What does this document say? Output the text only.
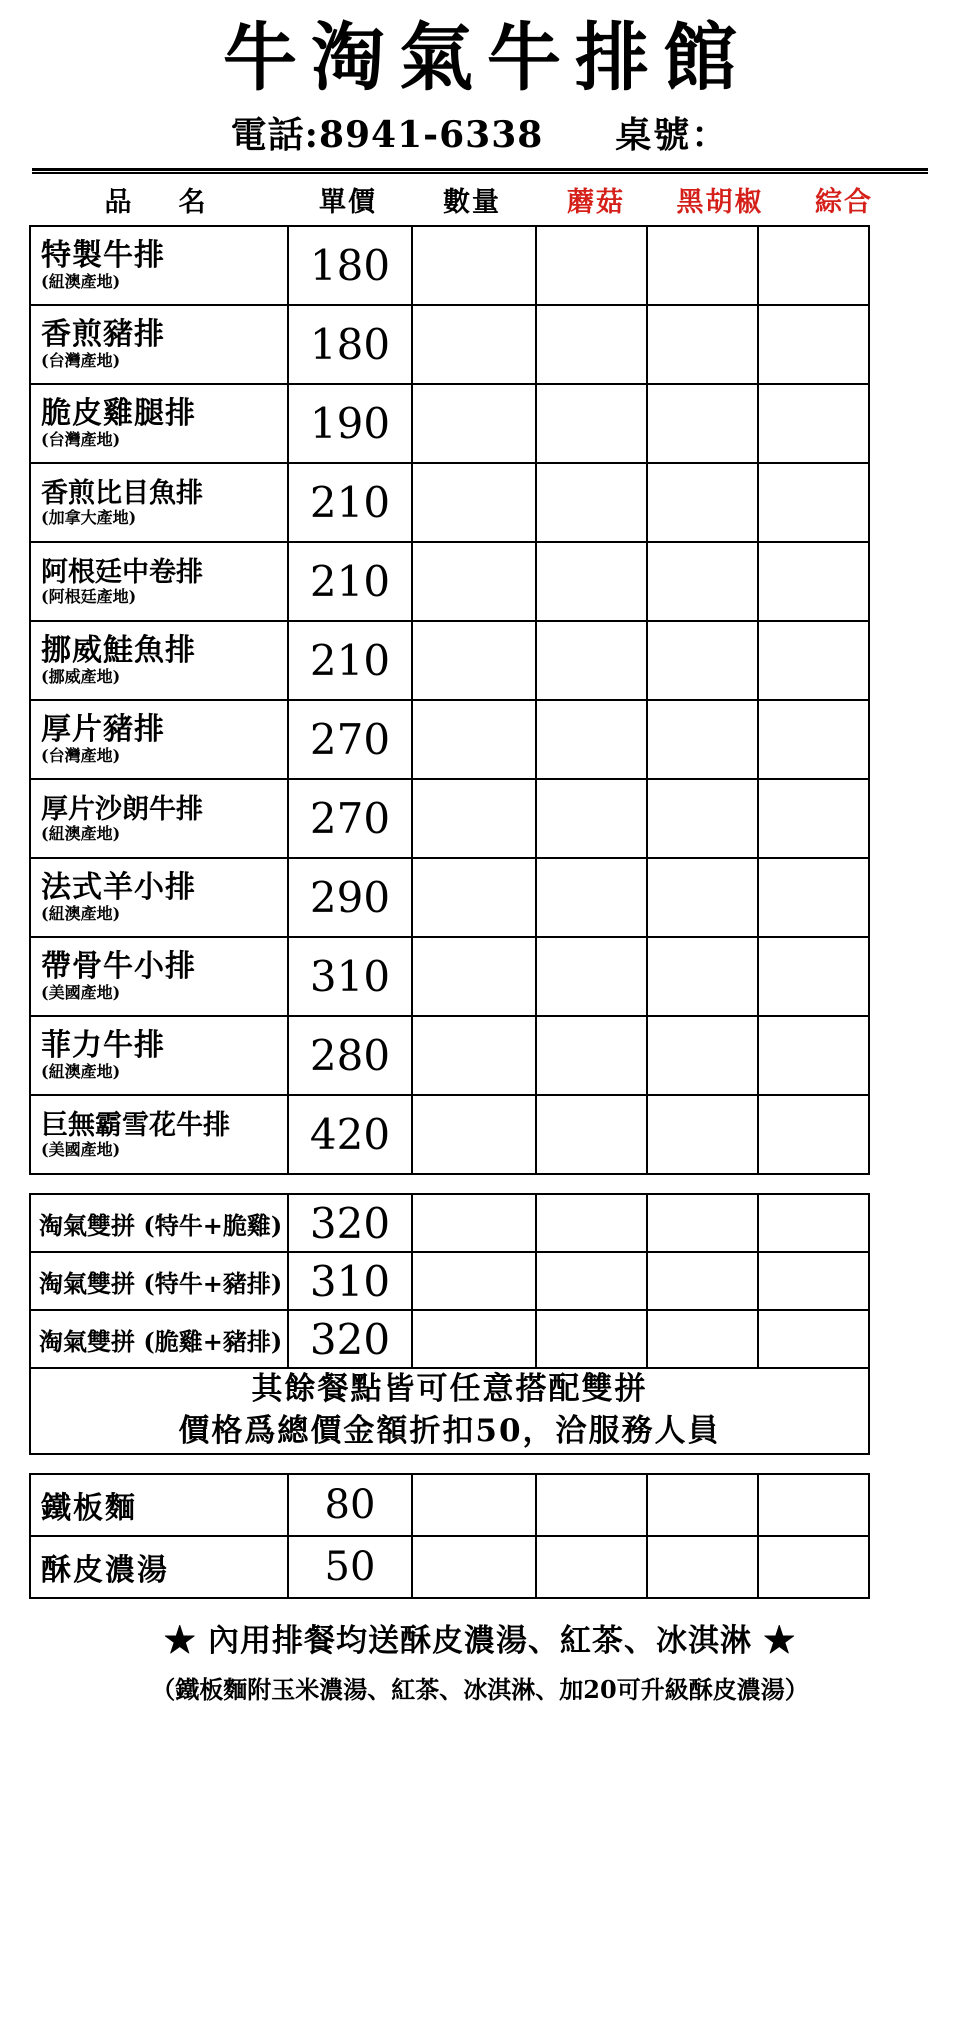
牛淘氣牛排館
電話:8941-6338 桌號：
品　名	單價	數量	蘑菇	黑胡椒	綜合
特製牛排
(紐澳產地)	180				

香煎豬排
(台灣產地)	180				

脆皮雞腿排
(台灣產地)	190				

香煎比目魚排
(加拿大產地)	210				

阿根廷中卷排
(阿根廷產地)	210				

挪威鮭魚排
(挪威產地)	210				

厚片豬排
(台灣產地)	270				

厚片沙朗牛排
(紐澳產地)	270				

法式羊小排
(紐澳產地)	290				

帶骨牛小排
(美國產地)	310				

菲力牛排
(紐澳產地)	280				

巨無霸雪花牛排
(美國產地)	420				
淘氣雙拼 (特牛+脆雞)	320				

淘氣雙拼 (特牛+豬排)	310				

淘氣雙拼 (脆雞+豬排)	320				

其餘餐點皆可任意搭配雙拼
價格爲總價金額折扣50，洽服務人員					
鐵板麵	80				

酥皮濃湯	50				
★ 內用排餐均送酥皮濃湯、紅茶、冰淇淋 ★
（鐵板麵附玉米濃湯、紅茶、冰淇淋、加20可升級酥皮濃湯）
